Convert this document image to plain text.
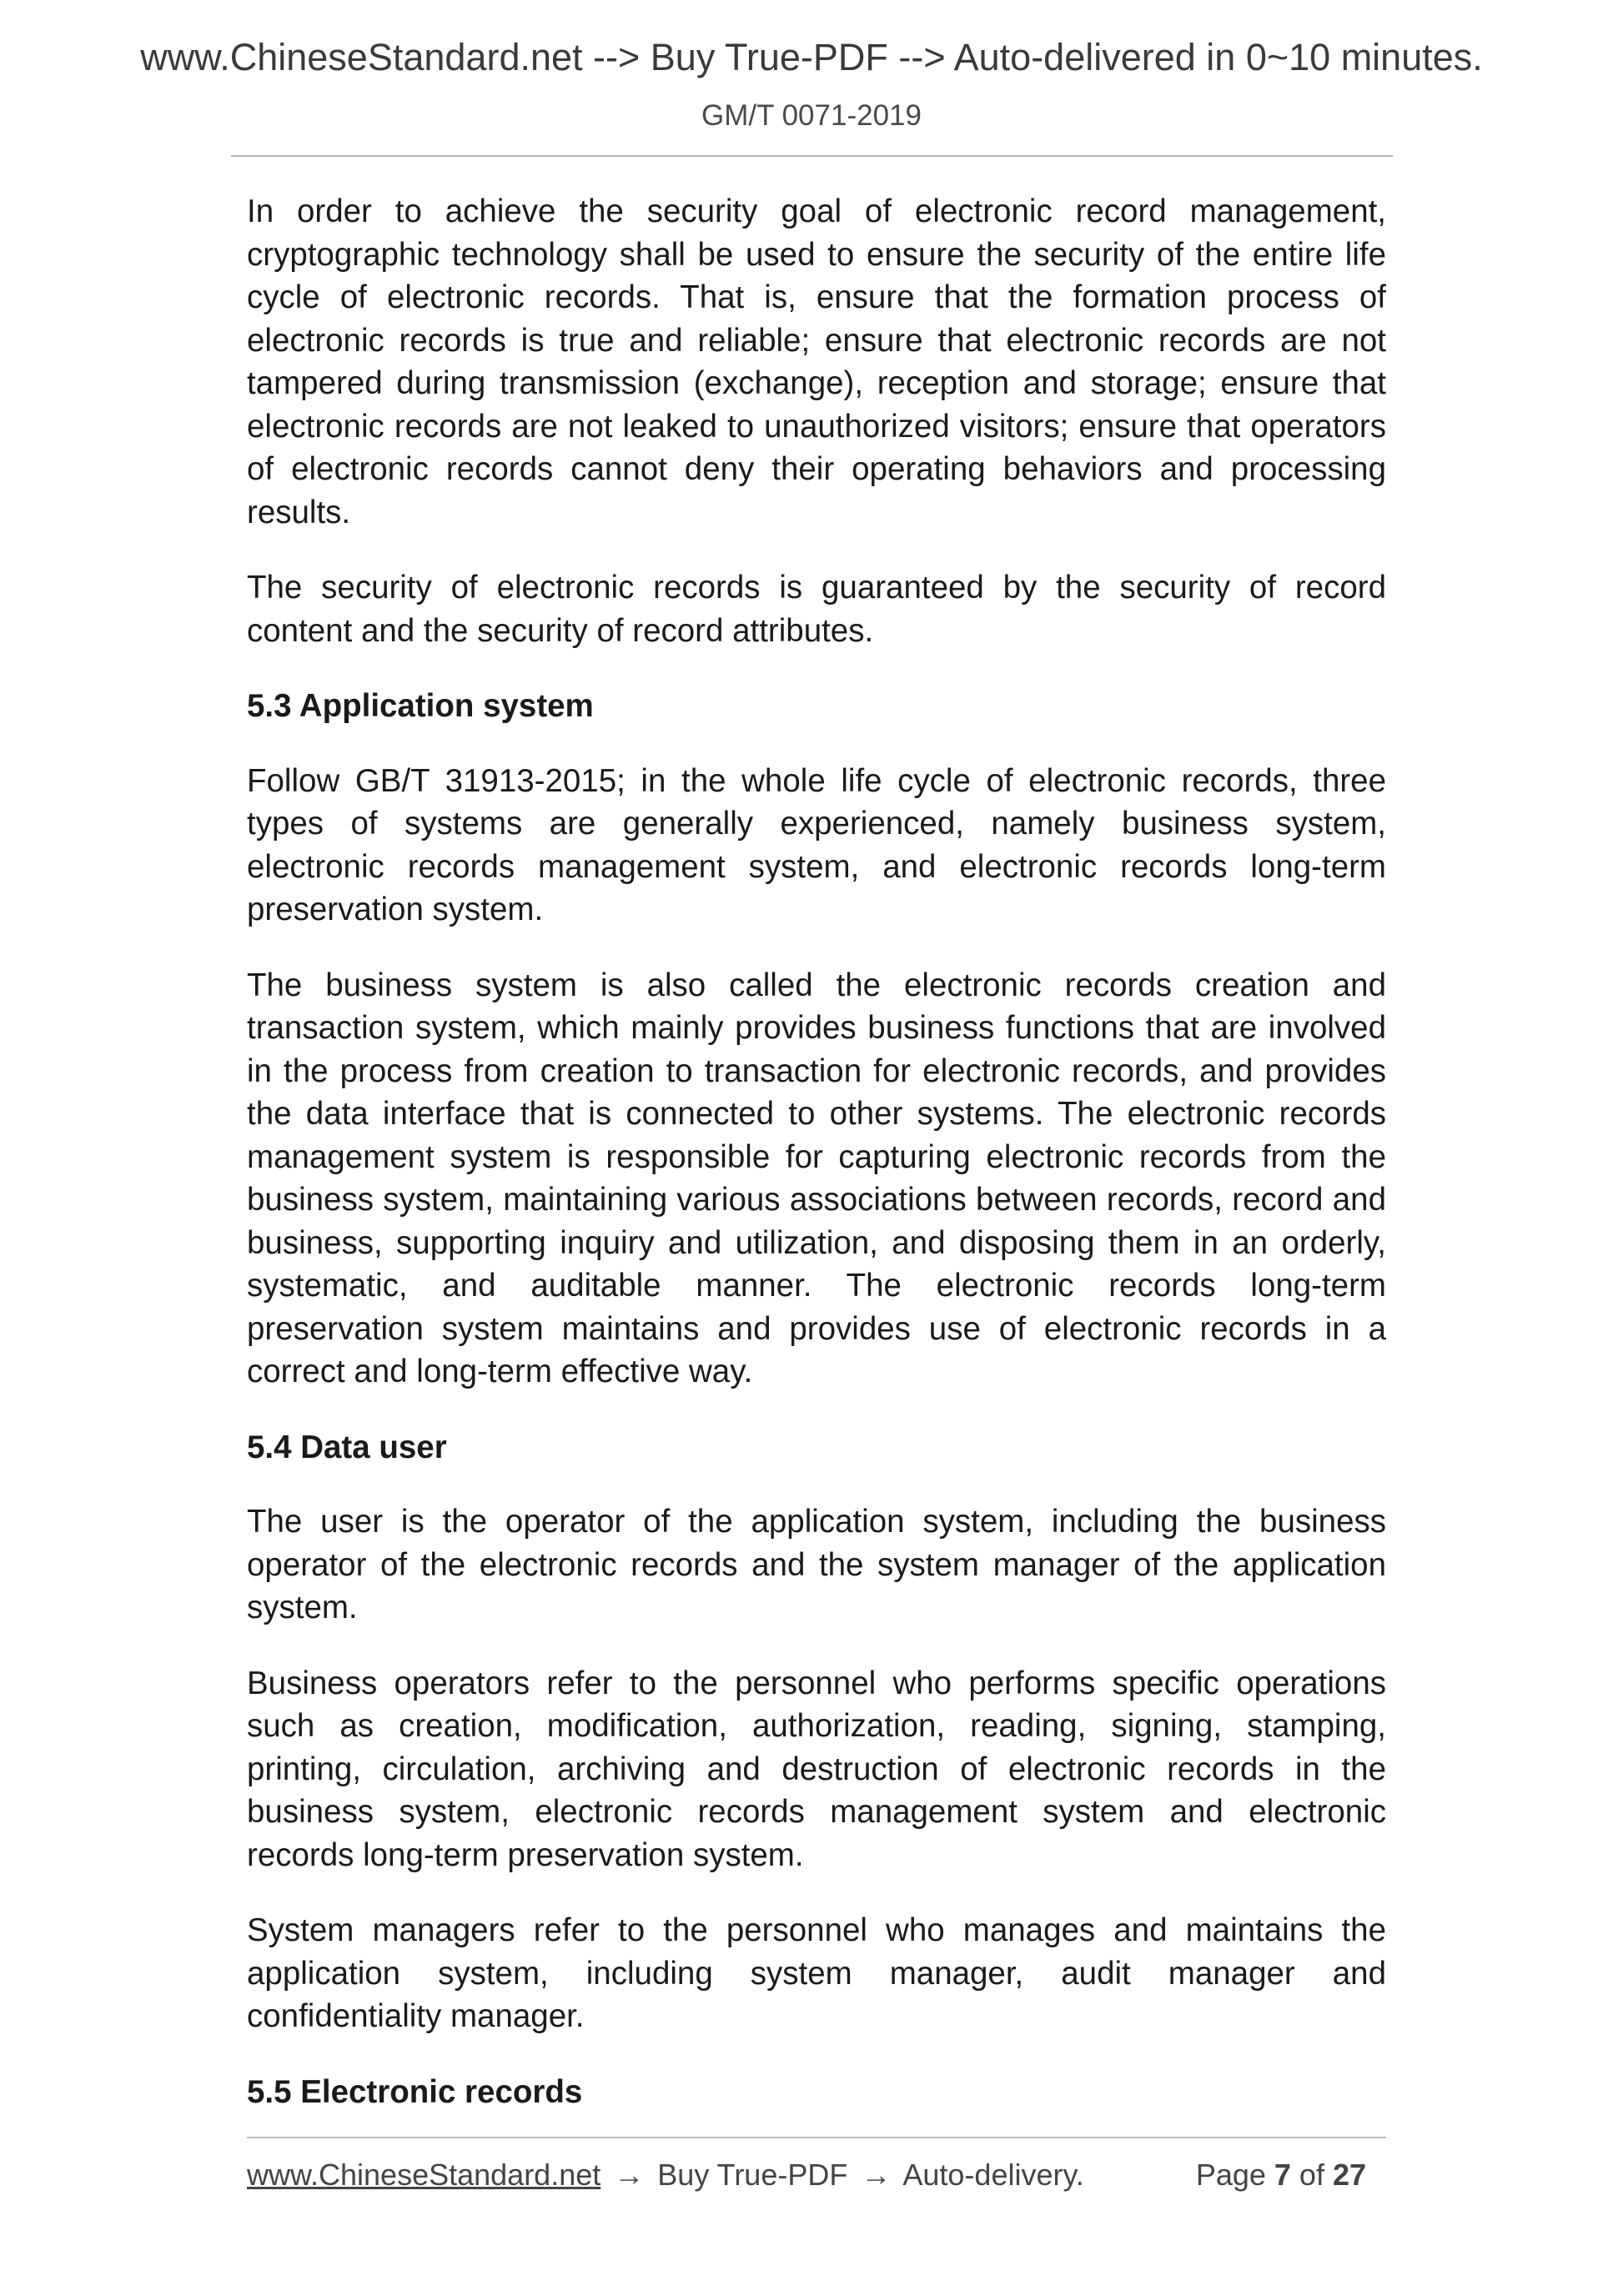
www.ChineseStandard.net --> Buy True-PDF --> Auto-delivered in 0~10 minutes.
GM/T 0071-2019

In order to achieve the security goal of electronic record management, cryptographic technology shall be used to ensure the security of the entire life cycle of electronic records. That is, ensure that the formation process of electronic records is true and reliable; ensure that electronic records are not tampered during transmission (exchange), reception and storage; ensure that electronic records are not leaked to unauthorized visitors; ensure that operators of electronic records cannot deny their operating behaviors and processing results.

The security of electronic records is guaranteed by the security of record content and the security of record attributes.

5.3 Application system

Follow GB/T 31913-2015; in the whole life cycle of electronic records, three types of systems are generally experienced, namely business system, electronic records management system, and electronic records long-term preservation system.

The business system is also called the electronic records creation and transaction system, which mainly provides business functions that are involved in the process from creation to transaction for electronic records, and provides the data interface that is connected to other systems. The electronic records management system is responsible for capturing electronic records from the business system, maintaining various associations between records, record and business, supporting inquiry and utilization, and disposing them in an orderly, systematic, and auditable manner. The electronic records long-term preservation system maintains and provides use of electronic records in a correct and long-term effective way.

5.4 Data user

The user is the operator of the application system, including the business operator of the electronic records and the system manager of the application system.

Business operators refer to the personnel who performs specific operations such as creation, modification, authorization, reading, signing, stamping, printing, circulation, archiving and destruction of electronic records in the business system, electronic records management system and electronic records long-term preservation system.

System managers refer to the personnel who manages and maintains the application system, including system manager, audit manager and confidentiality manager.

5.5 Electronic records
www.ChineseStandard.net → Buy True-PDF → Auto-delivery.	Page 7 of 27
